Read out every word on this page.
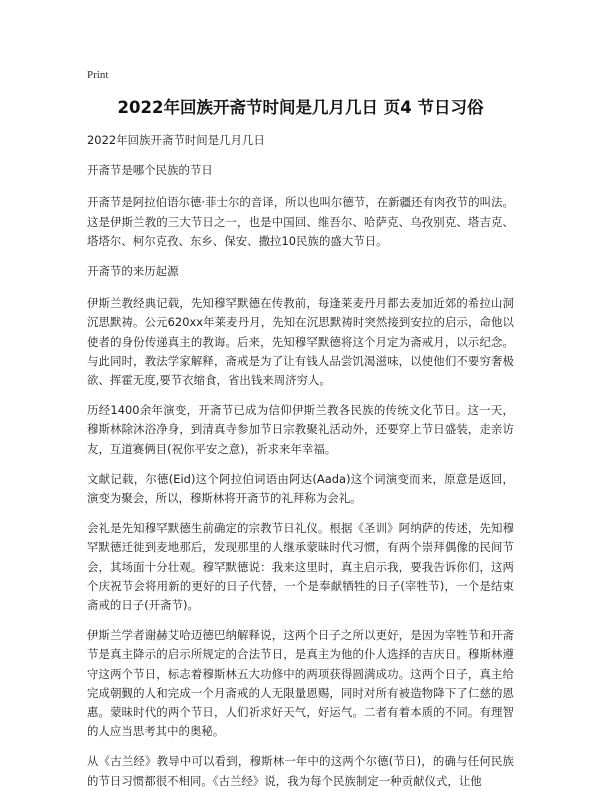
Print
2022年回族开斋节时间是几月几日 页4 节日习俗
2022年回族开斋节时间是几月几日
开斋节是哪个民族的节日
开斋节是阿拉伯语尔德·菲士尔的音译，所以也叫尔德节，在新疆还有肉孜节的叫法。这是伊斯兰教的三大节日之一，也是中国回、维吾尔、哈萨克、乌孜别克、塔吉克、塔塔尔、柯尔克孜、东乡、保安、撒拉10民族的盛大节日。
开斋节的来历起源
伊斯兰教经典记载，先知穆罕默德在传教前，每逢莱麦丹月都去麦加近郊的希拉山洞沉思默祷。公元620xx年莱麦丹月，先知在沉思默祷时突然接到安拉的启示，命他以使者的身份传递真主的教诲。后来，先知穆罕默德将这个月定为斋戒月，以示纪念。与此同时，教法学家解释，斋戒是为了让有钱人品尝饥渴滋味，以使他们不要穷奢极欲、挥霍无度,要节衣缩食，省出钱来周济穷人。
历经1400余年演变，开斋节已成为信仰伊斯兰教各民族的传统文化节日。这一天，穆斯林除沐浴净身，到清真寺参加节日宗教聚礼活动外，还要穿上节日盛装，走亲访友，互道赛俩目(祝你平安之意)，祈求来年幸福。
文献记载，尔德(Eid)这个阿拉伯词语由阿达(Aada)这个词演变而来，原意是返回，演变为聚会，所以，穆斯林将开斋节的礼拜称为会礼。
会礼是先知穆罕默德生前确定的宗教节日礼仪。根据《圣训》阿纳萨的传述，先知穆罕默德迁徙到麦地那后，发现那里的人继承蒙昧时代习惯，有两个崇拜偶像的民间节会，其场面十分壮观。穆罕默德说：我来这里时，真主启示我，要我告诉你们，这两个庆祝节会将用新的更好的日子代替，一个是奉献牺牲的日子(宰牲节)，一个是结束斋戒的日子(开斋节)。
伊斯兰学者谢赫艾哈迈德巴纳解释说，这两个日子之所以更好，是因为宰牲节和开斋节是真主降示的启示所规定的合法节日，是真主为他的仆人选择的吉庆日。穆斯林遵守这两个节日，标志着穆斯林五大功修中的两项获得圆满成功。这两个日子，真主给完成朝觐的人和完成一个月斋戒的人无限量恩赐，同时对所有被造物降下了仁慈的恩惠。蒙昧时代的两个节日，人们祈求好天气，好运气。二者有着本质的不同。有理智的人应当思考其中的奥秘。
从《古兰经》教导中可以看到，穆斯林一年中的这两个尔德(节日)，的确与任何民族的节日习惯都很不相同。《古兰经》说，我为每个民族制定一种贡献仪式，让他
